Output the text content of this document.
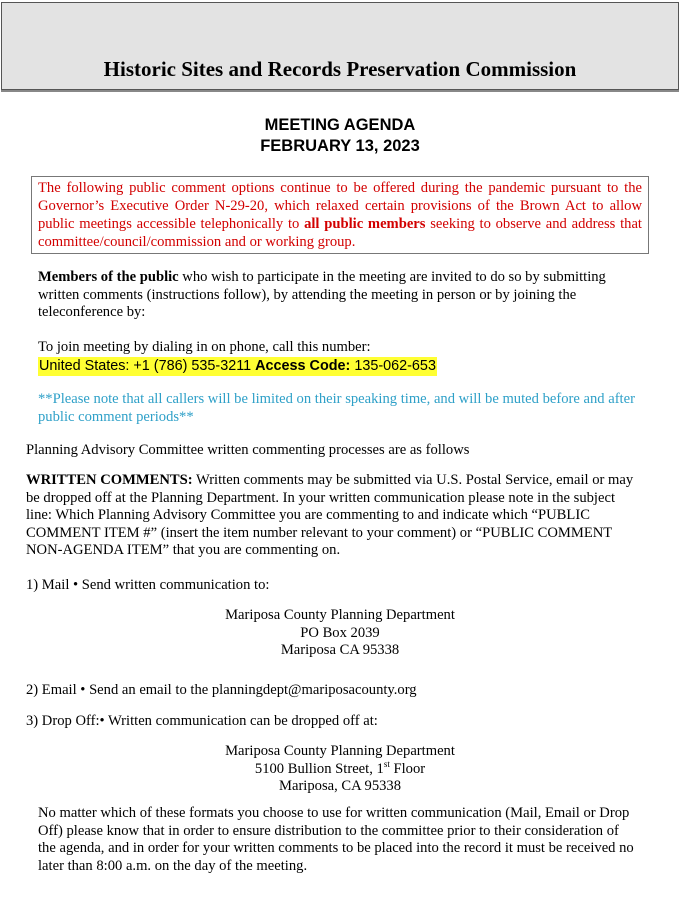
Historic Sites and Records Preservation Commission
MEETING AGENDA
FEBRUARY 13, 2023
The following public comment options continue to be offered during the pandemic pursuant to the Governor’s Executive Order N-29-20, which relaxed certain provisions of the Brown Act to allow public meetings accessible telephonically to all public members seeking to observe and address that committee/council/commission and or working group.
Members of the public who wish to participate in the meeting are invited to do so by submitting written comments (instructions follow), by attending the meeting in person or by joining the teleconference by:
To join meeting by dialing in on phone, call this number:
United States: +1 (786) 535-3211 Access Code: 135-062-653
**Please note that all callers will be limited on their speaking time, and will be muted before and after public comment periods**
Planning Advisory Committee written commenting processes are as follows
WRITTEN COMMENTS: Written comments may be submitted via U.S. Postal Service, email or may be dropped off at the Planning Department. In your written communication please note in the subject line: Which Planning Advisory Committee you are commenting to and indicate which “PUBLIC COMMENT ITEM #” (insert the item number relevant to your comment) or “PUBLIC COMMENT NON-AGENDA ITEM” that you are commenting on.
1) Mail • Send written communication to:
Mariposa County Planning Department
PO Box 2039
Mariposa CA 95338
2) Email • Send an email to the planningdept@mariposacounty.org
3) Drop Off:• Written communication can be dropped off at:
Mariposa County Planning Department
5100 Bullion Street, 1st Floor
Mariposa, CA 95338
No matter which of these formats you choose to use for written communication (Mail, Email or Drop Off) please know that in order to ensure distribution to the committee prior to their consideration of the agenda, and in order for your written comments to be placed into the record it must be received no later than 8:00 a.m. on the day of the meeting.
